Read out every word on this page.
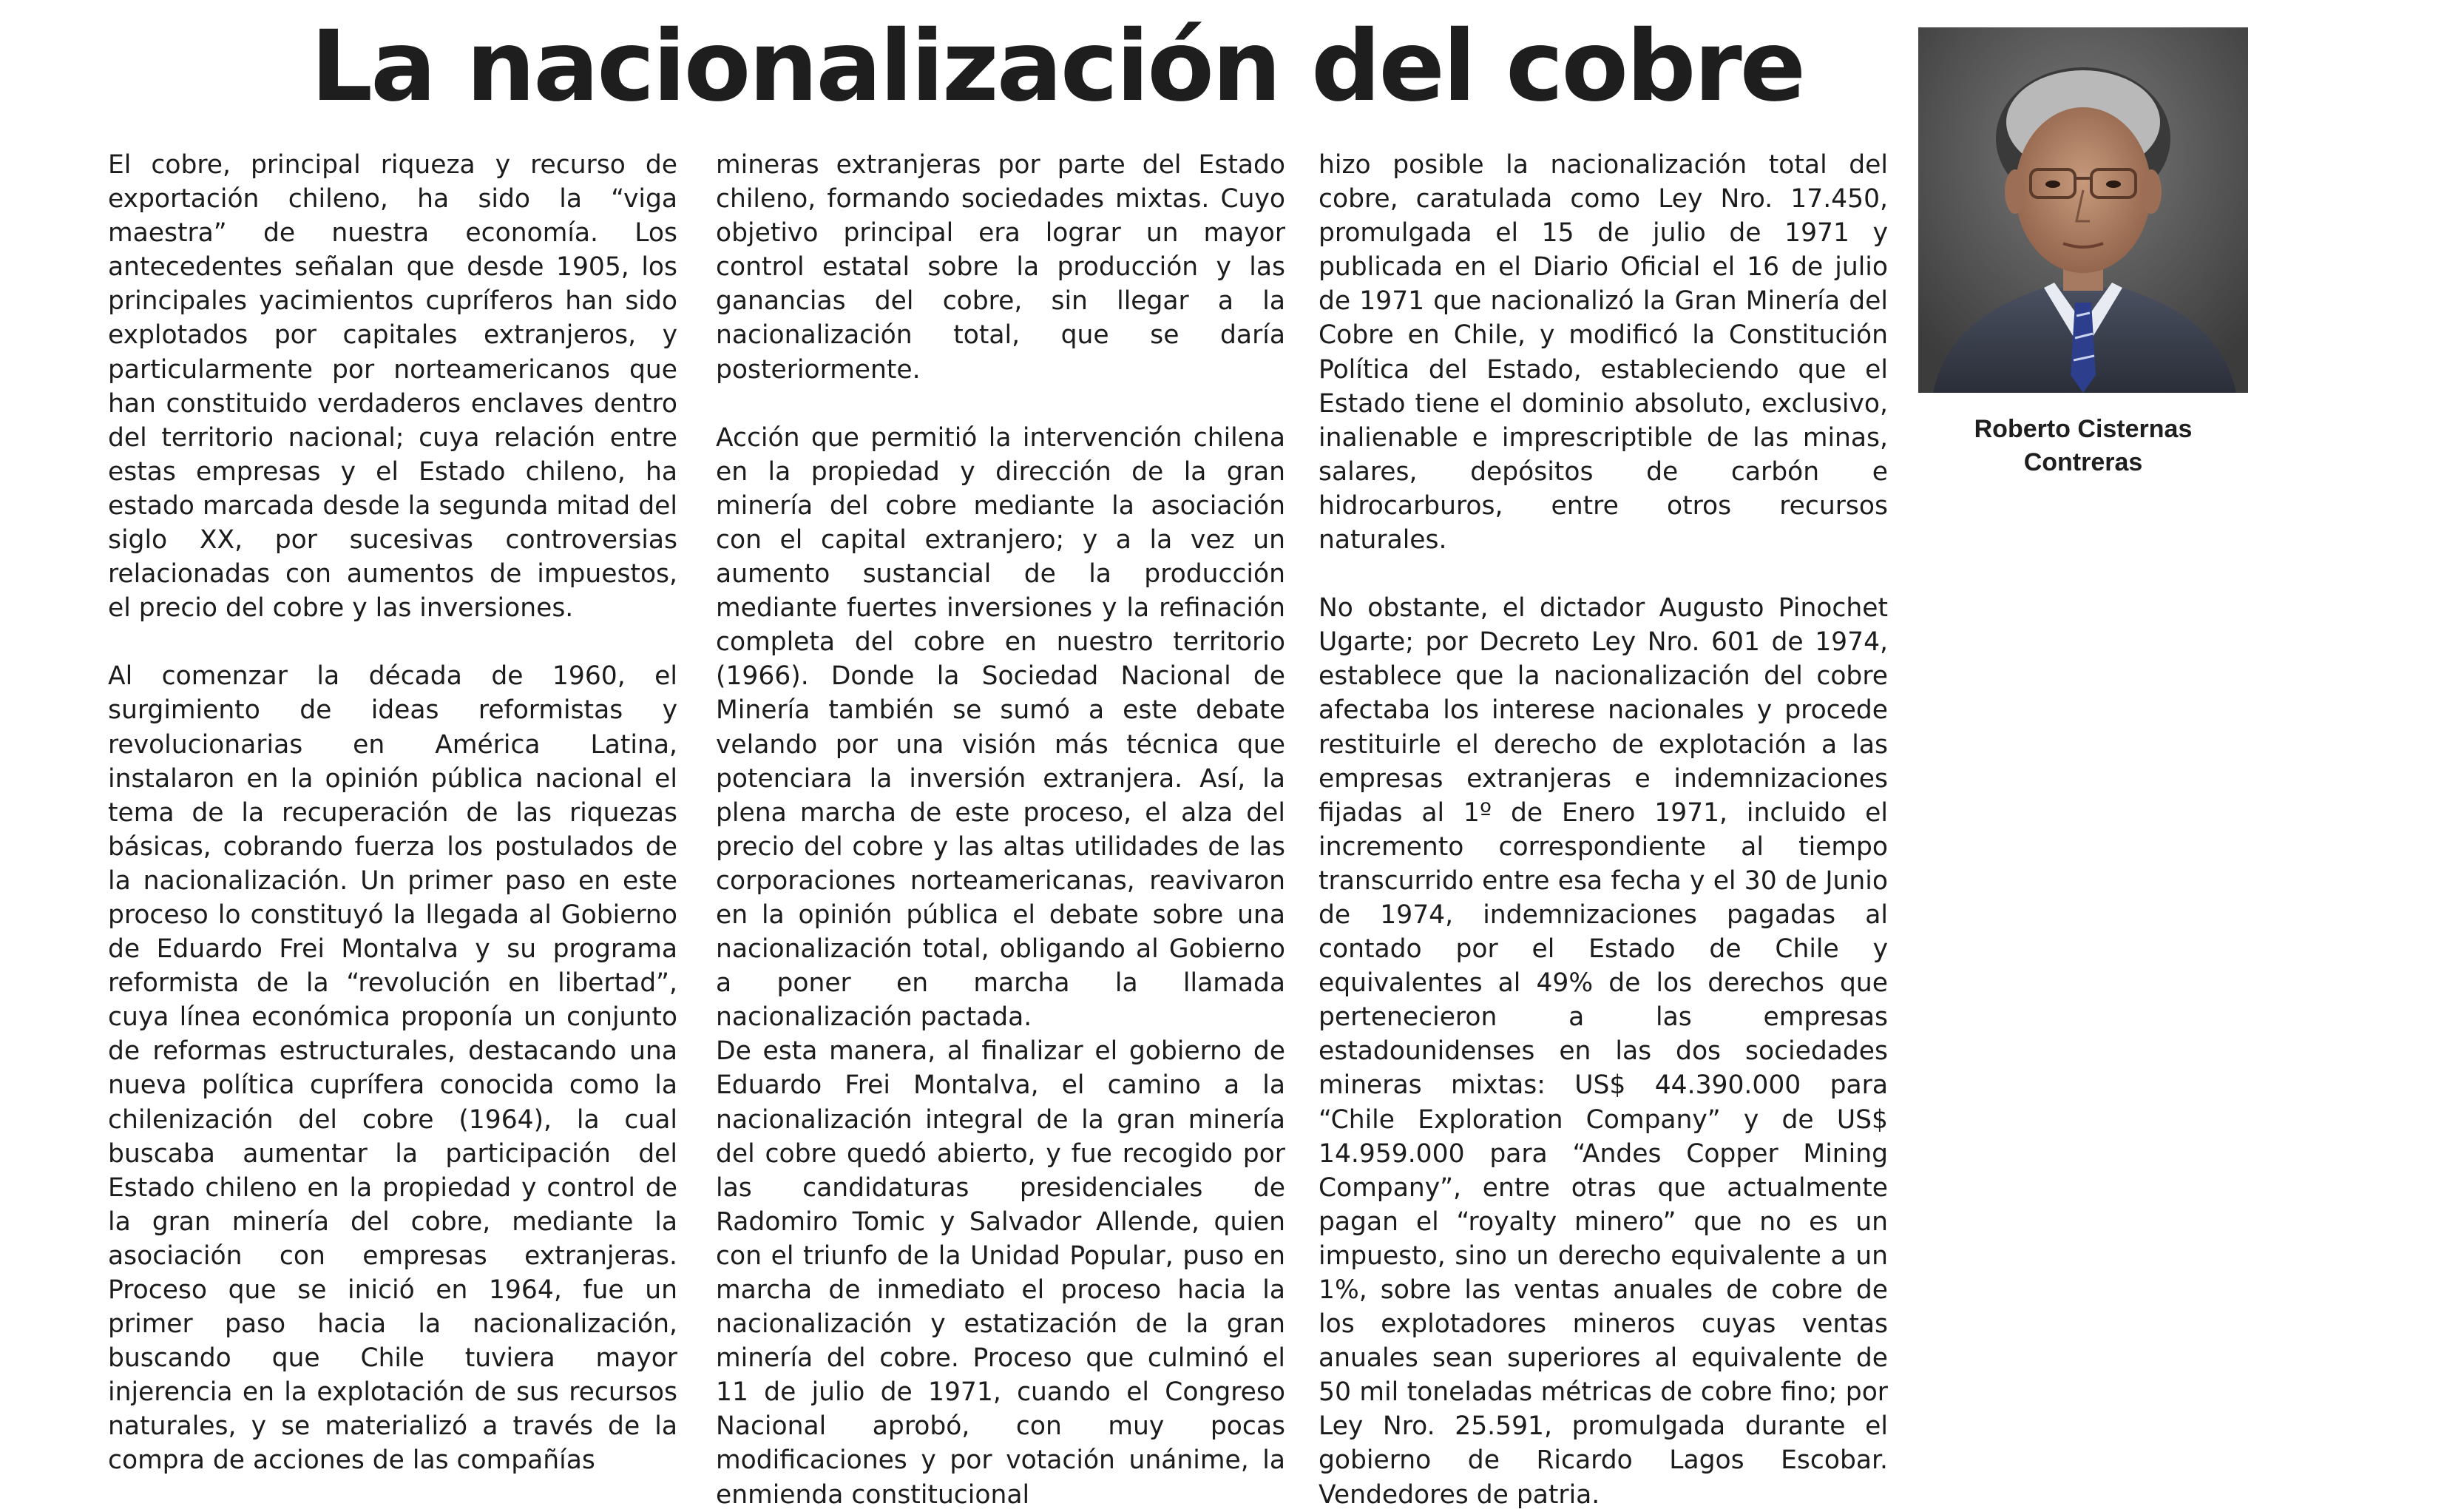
La nacionalización del cobre

El cobre, principal riqueza y recurso de exportación chileno, ha sido la “viga maestra” de nuestra economía. Los antecedentes señalan que desde 1905, los principales yacimientos cupríferos han sido explotados por capitales extranjeros, y particularmente por norteamericanos que han constituido verdaderos enclaves dentro del territorio nacional; cuya relación entre estas empresas y el Estado chileno, ha estado marcada desde la segunda mitad del siglo XX, por sucesivas controversias relacionadas con aumentos de impuestos, el precio del cobre y las inversiones.

Al comenzar la década de 1960, el surgimiento de ideas reformistas y revolucionarias en América Latina, instalaron en la opinión pública nacional el tema de la recuperación de las riquezas básicas, cobrando fuerza los postulados de la nacionalización. Un primer paso en este proceso lo constituyó la llegada al Gobierno de Eduardo Frei Montalva y su programa reformista de la “revolución en libertad”, cuya línea económica proponía un conjunto de reformas estructurales, destacando una nueva política cuprífera conocida como la chilenización del cobre (1964), la cual buscaba aumentar la participación del Estado chileno en la propiedad y control de la gran minería del cobre, mediante la asociación con empresas extranjeras. Proceso que se inició en 1964, fue un primer paso hacia la nacionalización, buscando que Chile tuviera mayor injerencia en la explotación de sus recursos naturales, y se materializó a través de la compra de acciones de las compañías

mineras extranjeras por parte del Estado chileno, formando sociedades mixtas. Cuyo objetivo principal era lograr un mayor control estatal sobre la producción y las ganancias del cobre, sin llegar a la nacionalización total, que se daría posteriormente.

Acción que permitió la intervención chilena en la propiedad y dirección de la gran minería del cobre mediante la asociación con el capital extranjero; y a la vez un aumento sustancial de la producción mediante fuertes inversiones y la refinación completa del cobre en nuestro territorio (1966). Donde la Sociedad Nacional de Minería también se sumó a este debate velando por una visión más técnica que potenciara la inversión extranjera. Así, la plena marcha de este proceso, el alza del precio del cobre y las altas utilidades de las corporaciones norteamericanas, reavivaron en la opinión pública el debate sobre una nacionalización total, obligando al Gobierno a poner en marcha la llamada nacionalización pactada.

De esta manera, al finalizar el gobierno de Eduardo Frei Montalva, el camino a la nacionalización integral de la gran minería del cobre quedó abierto, y fue recogido por las candidaturas presidenciales de Radomiro Tomic y Salvador Allende, quien con el triunfo de la Unidad Popular, puso en marcha de inmediato el proceso hacia la nacionalización y estatización de la gran minería del cobre. Proceso que culminó el 11 de julio de 1971, cuando el Congreso Nacional aprobó, con muy pocas modificaciones y por votación unánime, la enmienda constitucional

hizo posible la nacionalización total del cobre, caratulada como Ley Nro. 17.450, promulgada el 15 de julio de 1971 y publicada en el Diario Oficial el 16 de julio de 1971 que nacionalizó la Gran Minería del Cobre en Chile, y modificó la Constitución Política del Estado, estableciendo que el Estado tiene el dominio absoluto, exclusivo, inalienable e imprescriptible de las minas, salares, depósitos de carbón e hidrocarburos, entre otros recursos naturales.

No obstante, el dictador Augusto Pinochet Ugarte; por Decreto Ley Nro. 601 de 1974, establece que la nacionalización del cobre afectaba los interese nacionales y procede restituirle el derecho de explotación a las empresas extranjeras e indemnizaciones fijadas al 1º de Enero 1971, incluido el incremento correspondiente al tiempo transcurrido entre esa fecha y el 30 de Junio de 1974, indemnizaciones pagadas al contado por el Estado de Chile y equivalentes al 49% de los derechos que pertenecieron a las empresas estadounidenses en las dos sociedades mineras mixtas: US$ 44.390.000 para “Chile Exploration Company” y de US$ 14.959.000 para “Andes Copper Mining Company”, entre otras que actualmente pagan el “royalty minero” que no es un impuesto, sino un derecho equivalente a un 1%, sobre las ventas anuales de cobre de los explotadores mineros cuyas ventas anuales sean superiores al equivalente de 50 mil toneladas métricas de cobre fino; por Ley Nro. 25.591, promulgada durante el gobierno de Ricardo Lagos Escobar. Vendedores de patria.

Roberto Cisternas
Contreras
